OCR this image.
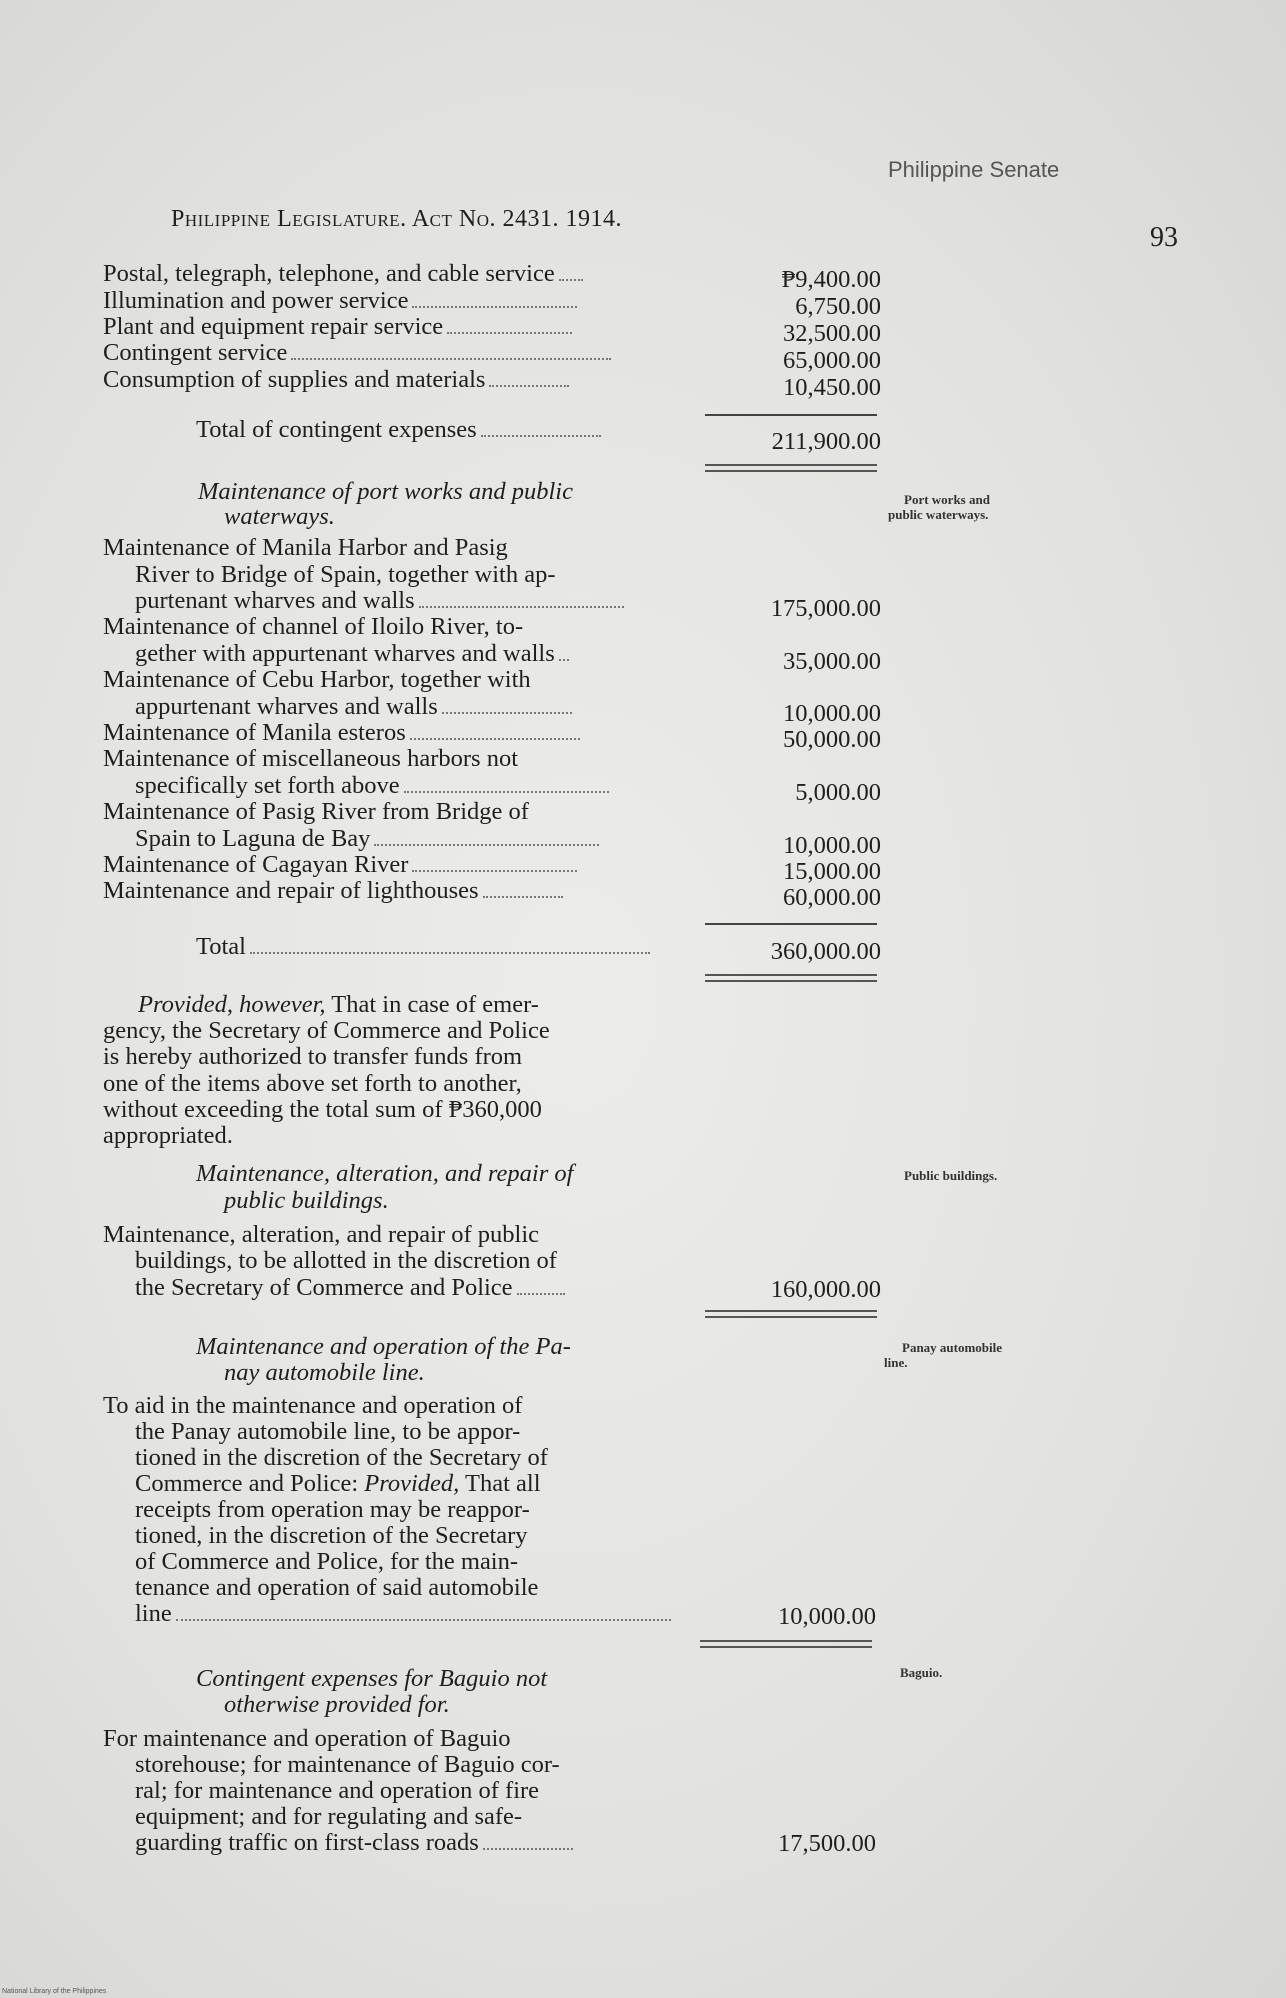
Philippine Senate
Philippine Legislature. Act No. 2431. 1914.
93
Postal, telegraph, telephone, and cable service	₱9,400.00
Illumination and power service	6,750.00
Plant and equipment repair service	32,500.00
Contingent service	65,000.00
Consumption of supplies and materials	10,450.00
Total of contingent expenses	211,900.00
Maintenance of port works and public
waterways.
Port works and
public waterways.
Maintenance of Manila Harbor and Pasig
River to Bridge of Spain, together with ap-
purtenant wharves and walls	175,000.00
Maintenance of channel of Iloilo River, to-
gether with appurtenant wharves and walls	35,000.00
Maintenance of Cebu Harbor, together with
appurtenant wharves and walls	10,000.00
Maintenance of Manila esteros	50,000.00
Maintenance of miscellaneous harbors not
specifically set forth above	5,000.00
Maintenance of Pasig River from Bridge of
Spain to Laguna de Bay	10,000.00
Maintenance of Cagayan River	15,000.00
Maintenance and repair of lighthouses	60,000.00
Total	360,000.00
Provided, however, That in case of emer-
gency, the Secretary of Commerce and Police
is hereby authorized to transfer funds from
one of the items above set forth to another,
without exceeding the total sum of ₱360,000
appropriated.
Maintenance, alteration, and repair of
public buildings.
Public buildings.
Maintenance, alteration, and repair of public
buildings, to be allotted in the discretion of
the Secretary of Commerce and Police	160,000.00
Maintenance and operation of the Pa-
nay automobile line.
Panay automobile
line.
To aid in the maintenance and operation of
the Panay automobile line, to be appor-
tioned in the discretion of the Secretary of
Commerce and Police: Provided, That all
receipts from operation may be reappor-
tioned, in the discretion of the Secretary
of Commerce and Police, for the main-
tenance and operation of said automobile
line	10,000.00
Contingent expenses for Baguio not
otherwise provided for.
Baguio.
For maintenance and operation of Baguio
storehouse; for maintenance of Baguio cor-
ral; for maintenance and operation of fire
equipment; and for regulating and safe-
guarding traffic on first-class roads	17,500.00
National Library of the Philippines
